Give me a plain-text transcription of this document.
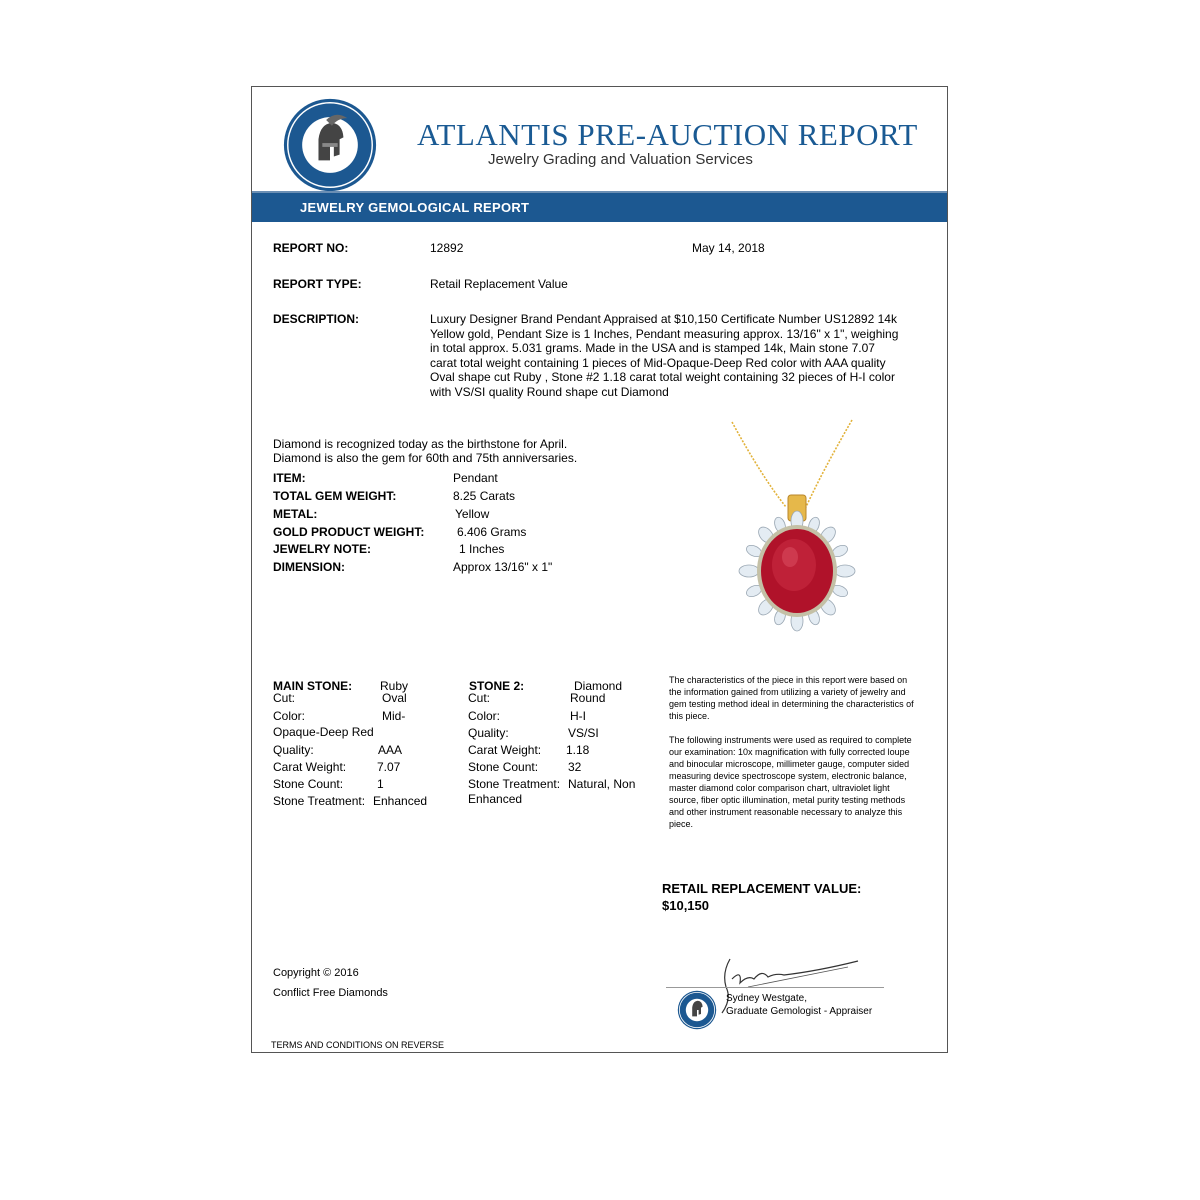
ATLANTIS PRE-AUCTION REPORT
Jewelry Grading and Valuation Services
JEWELRY GEMOLOGICAL REPORT
REPORT NO:	12892	May 14, 2018
REPORT TYPE:	Retail Replacement Value
DESCRIPTION:	Luxury Designer Brand Pendant Appraised at $10,150 Certificate Number US12892 14k Yellow gold, Pendant Size is 1 Inches, Pendant measuring approx. 13/16" x 1", weighing in total approx. 5.031 grams. Made in the USA and is stamped 14k, Main stone 7.07 carat total weight containing 1 pieces of Mid-Opaque-Deep Red color with AAA quality Oval shape cut Ruby , Stone #2 1.18 carat total weight containing 32 pieces of H-I color with VS/SI quality Round shape cut Diamond
Diamond is recognized today as the birthstone for April.
Diamond is also the gem for 60th and 75th anniversaries.
ITEM:	Pendant
TOTAL GEM WEIGHT:	8.25 Carats
METAL:	Yellow
GOLD PRODUCT WEIGHT:	6.406 Grams
JEWELRY NOTE:	1 Inches
DIMENSION:	Approx 13/16" x 1"
MAIN STONE: Ruby
Cut:	Oval
Color:	Mid-
Opaque-Deep Red
Quality:	AAA
Carat Weight:	7.07
Stone Count:	1
Stone Treatment: Enhanced
STONE 2:	Diamond
Cut:	Round
Color:	H-I
Quality:	VS/SI
Carat Weight: 1.18
Stone Count: 32
Stone Treatment: Natural, Non
Enhanced
The characteristics of the piece in this report were based on the information gained from utilizing a variety of jewelry and gem testing method ideal in determining the characteristics of this piece.
The following instruments were used as required to complete our examination: 10x magnification with fully corrected loupe and binocular microscope, millimeter gauge, computer sided measuring device spectroscope system, electronic balance, master diamond color comparison chart, ultraviolet light source, fiber optic illumination, metal purity testing methods and other instrument reasonable necessary to analyze this piece.
RETAIL REPLACEMENT VALUE:
$10,150
Copyright © 2016
Conflict Free Diamonds	Sydney Westgate,
Graduate Gemologist - Appraiser
TERMS AND CONDITIONS ON REVERSE
